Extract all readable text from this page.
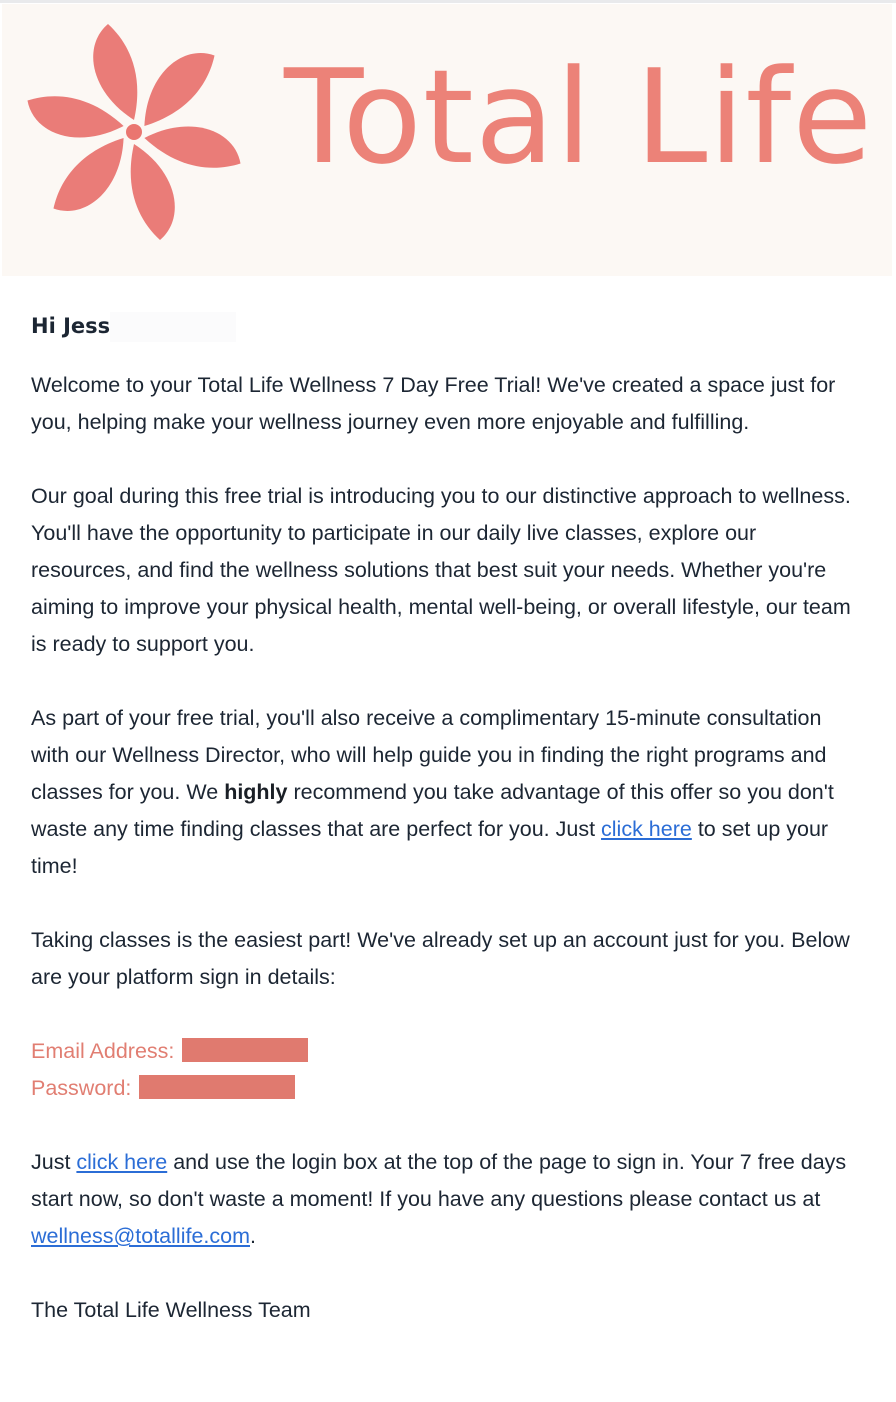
Total Life
Hi Jess

Welcome to your Total Life Wellness 7 Day Free Trial! We've created a space just for you, helping make your wellness journey even more enjoyable and fulfilling.

Our goal during this free trial is introducing you to our distinctive approach to wellness. You'll have the opportunity to participate in our daily live classes, explore our resources, and find the wellness solutions that best suit your needs. Whether you're aiming to improve your physical health, mental well-being, or overall lifestyle, our team is ready to support you.

As part of your free trial, you'll also receive a complimentary 15-minute consultation with our Wellness Director, who will help guide you in finding the right programs and classes for you. We highly recommend you take advantage of this offer so you don't waste any time finding classes that are perfect for you. Just click here to set up your time!

Taking classes is the easiest part! We've already set up an account just for you. Below are your platform sign in details:

Email Address:
Password:

Just click here and use the login box at the top of the page to sign in. Your 7 free days start now, so don't waste a moment! If you have any questions please contact us at wellness@totallife.com.

The Total Life Wellness Team
